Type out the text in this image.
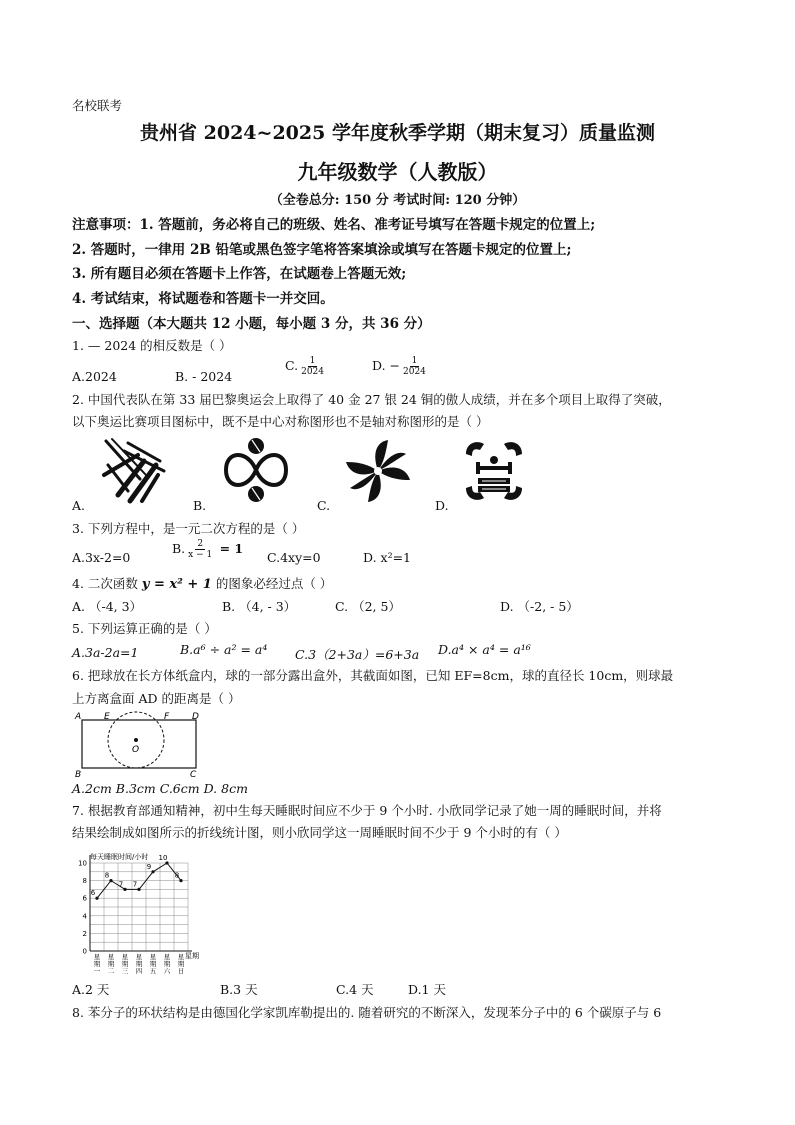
名校联考
贵州省 2024~2025 学年度秋季学期（期末复习）质量监测
九年级数学（人教版）
（全卷总分: 150 分 考试时间: 120 分钟）
注意事项：1. 答题前，务必将自己的班级、姓名、准考证号填写在答题卡规定的位置上;
2. 答题时，一律用 2B 铅笔或黑色签字笔将答案填涂或填写在答题卡规定的位置上;
3. 所有题目必须在答题卡上作答，在试题卷上答题无效;
4. 考试结束，将试题卷和答题卡一并交回。
一、选择题（本大题共 12 小题，每小题 3 分，共 36 分）
1. — 2024 的相反数是（ ）
A.2024	B. - 2024
C. $\frac{1}{2024}$	D. − $\frac{1}{2024}$
2. 中国代表队在第 33 届巴黎奥运会上取得了 40 金 27 银 24 铜的傲人成绩，并在多个项目上取得了突破，
以下奥运比赛项目图标中，既不是中心对称图形也不是轴对称图形的是（ ）
A.	B.	C.	D.
3. 下列方程中，是一元二次方程的是（ ）
A.3x-2=0
B. $\frac{2}{x - 1} = 1$
C.4xy=0	D. x²=1
4. 二次函数 y = x² + 1 的图象必经过点（ ）
A. （-4, 3）	B. （4, - 3）	C. （2, 5）	D. （-2, - 5）
5. 下列运算正确的是（ ）
A.3a-2a=1	B.a⁶ ÷ a² = a⁴ C.3（2+3a）=6+3a D.a⁴ × a⁴ = a¹⁶
6. 把球放在长方体纸盒内，球的一部分露出盒外，其截面如图，已知 EF=8cm，球的直径长 10cm，则球最
上方离盒面 AD 的距离是（ ）
A	E	F	D
O
B	C
A.2cm B.3cm C.6cm D. 8cm
7. 根据教育部通知精神，初中生每天睡眠时间应不少于 9 个小时. 小欣同学记录了她一周的睡眠时间，并将
结果绘制成如图所示的折线统计图，则小欣同学这一周睡眠时间不少于 9 个小时的有（ ）
每天睡眠时间/小时
星期
0
2
4
6
8
10
星期一
星期二
星期三
星期四
星期五
星期六
星期日
6
8
7 7
9
10
8
A.2 天	B.3 天	C.4 天	D.1 天
8. 苯分子的环状结构是由德国化学家凯库勒提出的. 随着研究的不断深入，发现苯分子中的 6 个碳原子与 6
